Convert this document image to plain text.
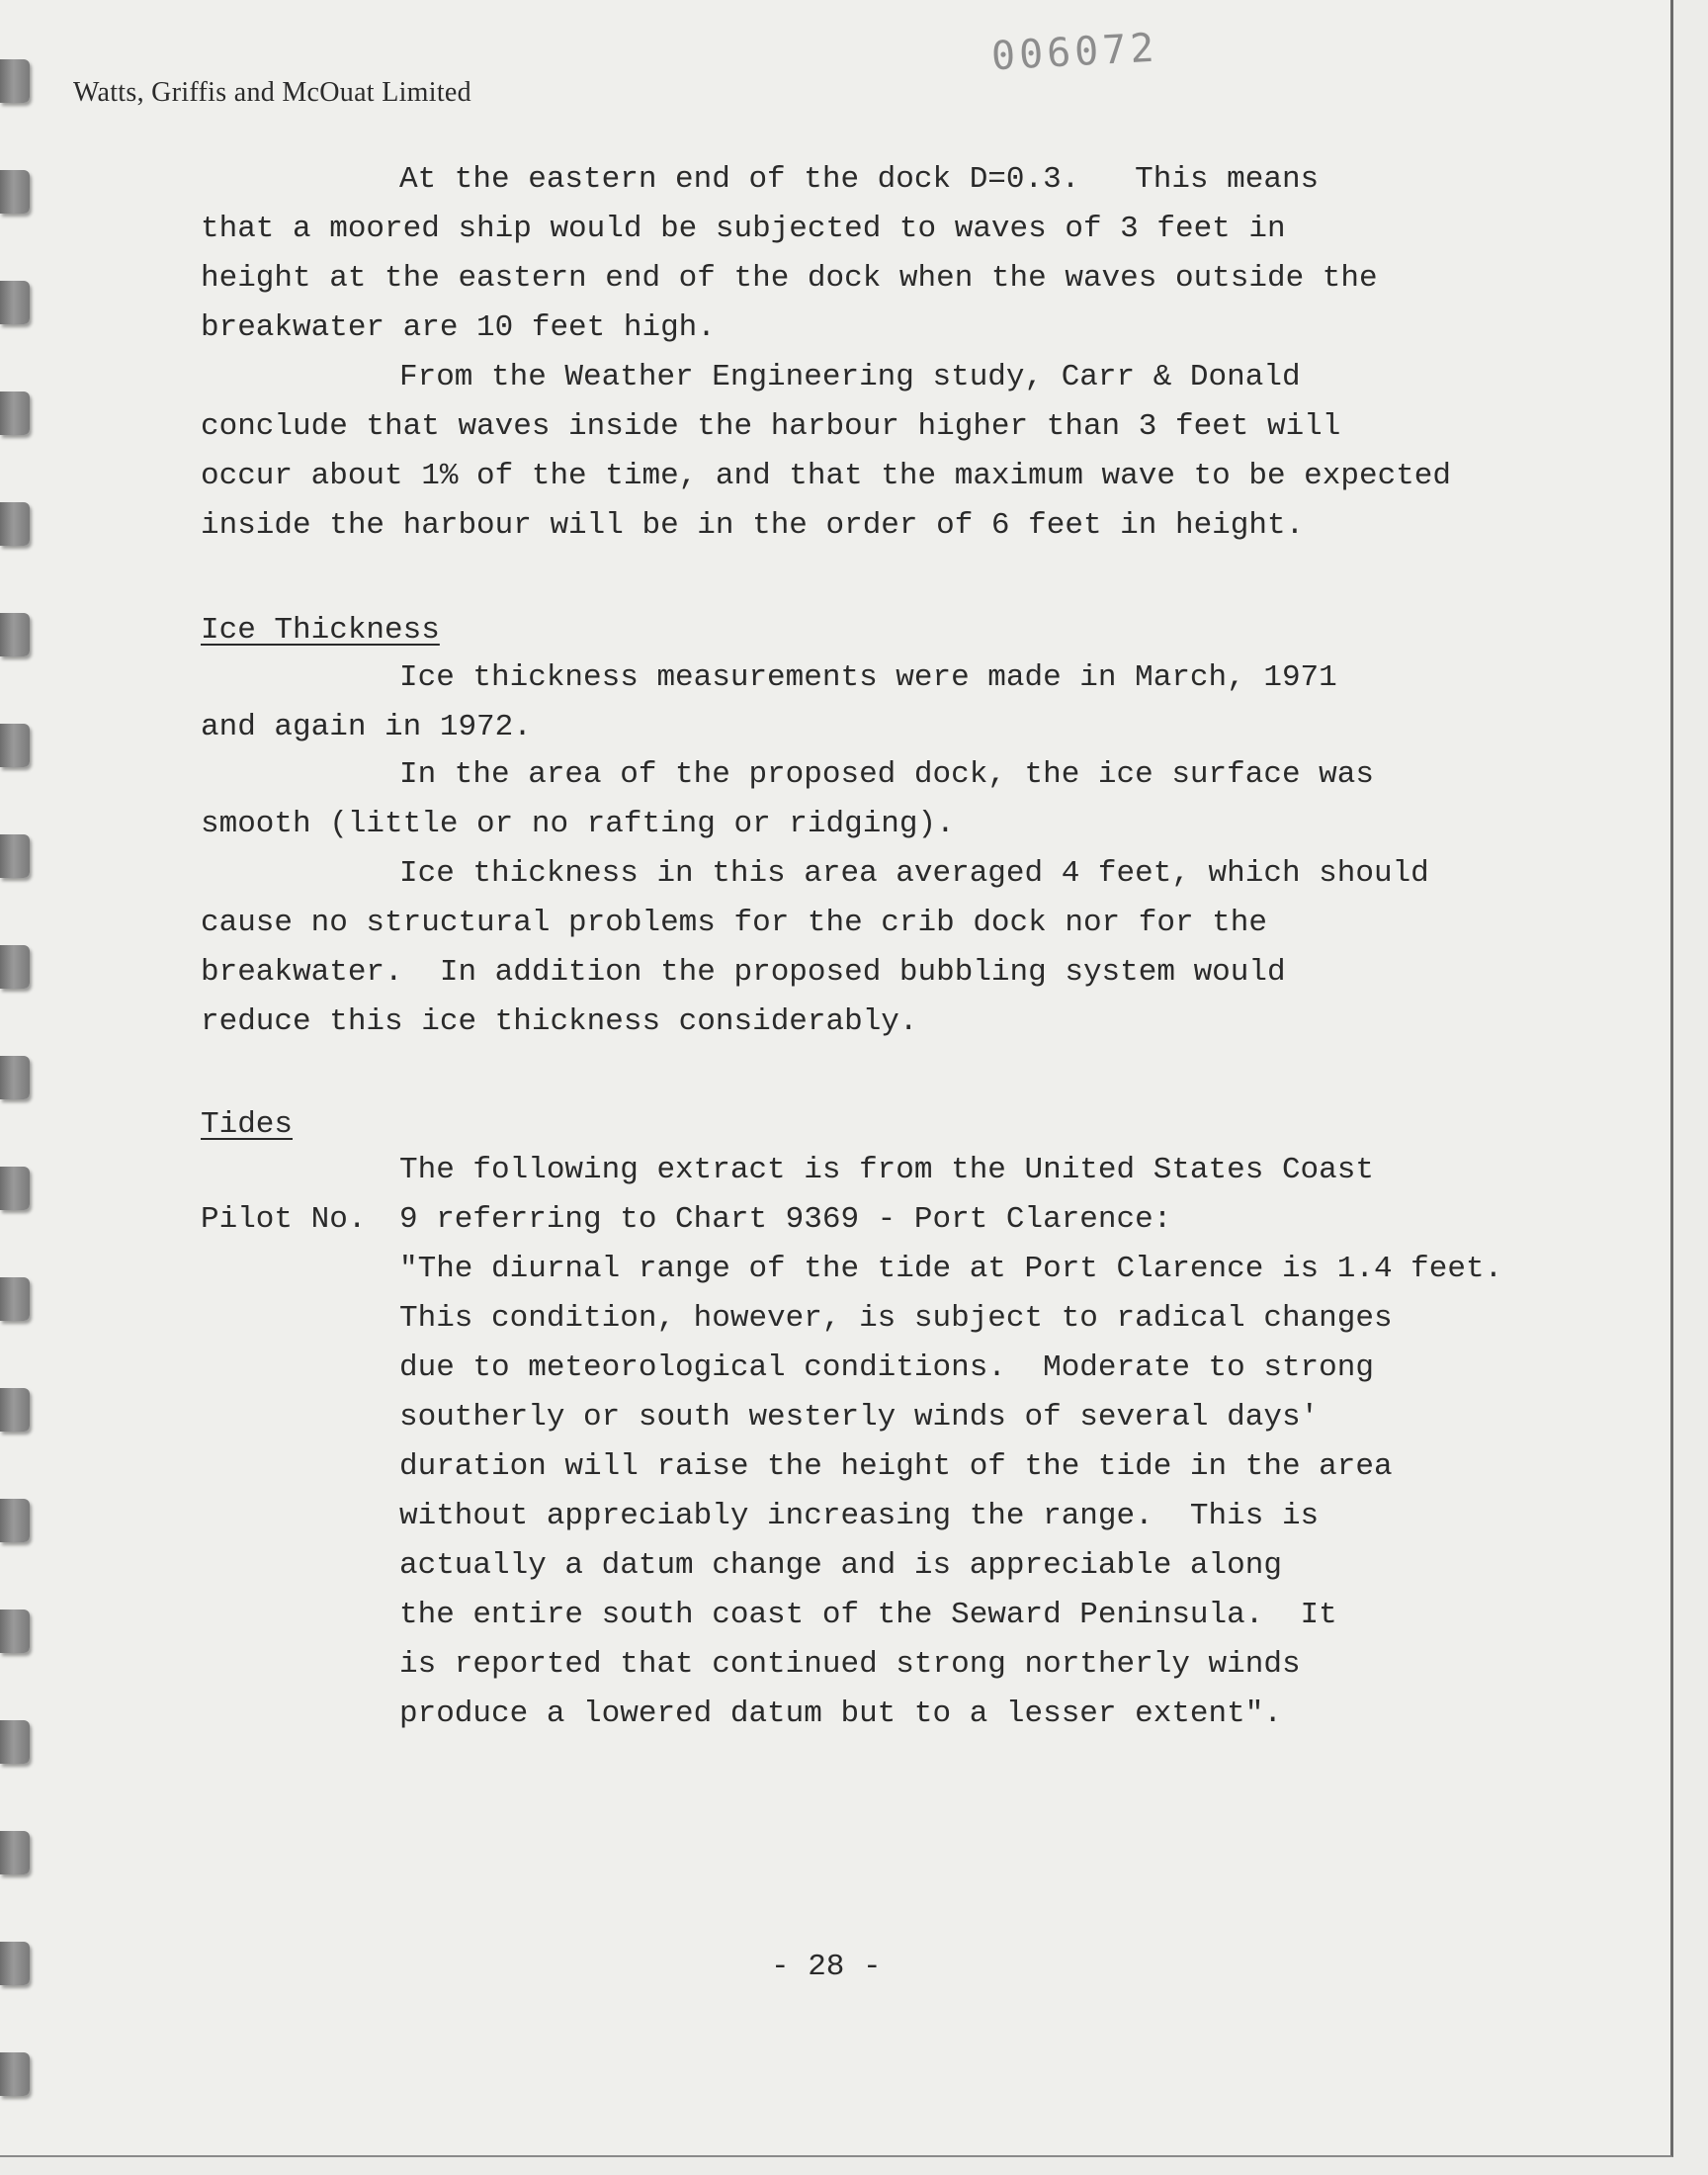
Watts, Griffis and McOuat Limited
006072
At the eastern end of the dock D=0.3.   This means
that a moored ship would be subjected to waves of 3 feet in
height at the eastern end of the dock when the waves outside the
breakwater are 10 feet high.
From the Weather Engineering study, Carr & Donald
conclude that waves inside the harbour higher than 3 feet will
occur about 1% of the time, and that the maximum wave to be expected
inside the harbour will be in the order of 6 feet in height.
Ice Thickness
Ice thickness measurements were made in March, 1971
and again in 1972.
In the area of the proposed dock, the ice surface was
smooth (little or no rafting or ridging).
Ice thickness in this area averaged 4 feet, which should
cause no structural problems for the crib dock nor for the
breakwater.  In addition the proposed bubbling system would
reduce this ice thickness considerably.
Tides
The following extract is from the United States Coast
Pilot No. 9 referring to Chart 9369 - Port Clarence:
"The diurnal range of the tide at Port Clarence is 1.4 feet.
This condition, however, is subject to radical changes
due to meteorological conditions.  Moderate to strong
southerly or south westerly winds of several days'
duration will raise the height of the tide in the area
without appreciably increasing the range.  This is
actually a datum change and is appreciable along
the entire south coast of the Seward Peninsula.  It
is reported that continued strong northerly winds
produce a lowered datum but to a lesser extent".
- 28 -
